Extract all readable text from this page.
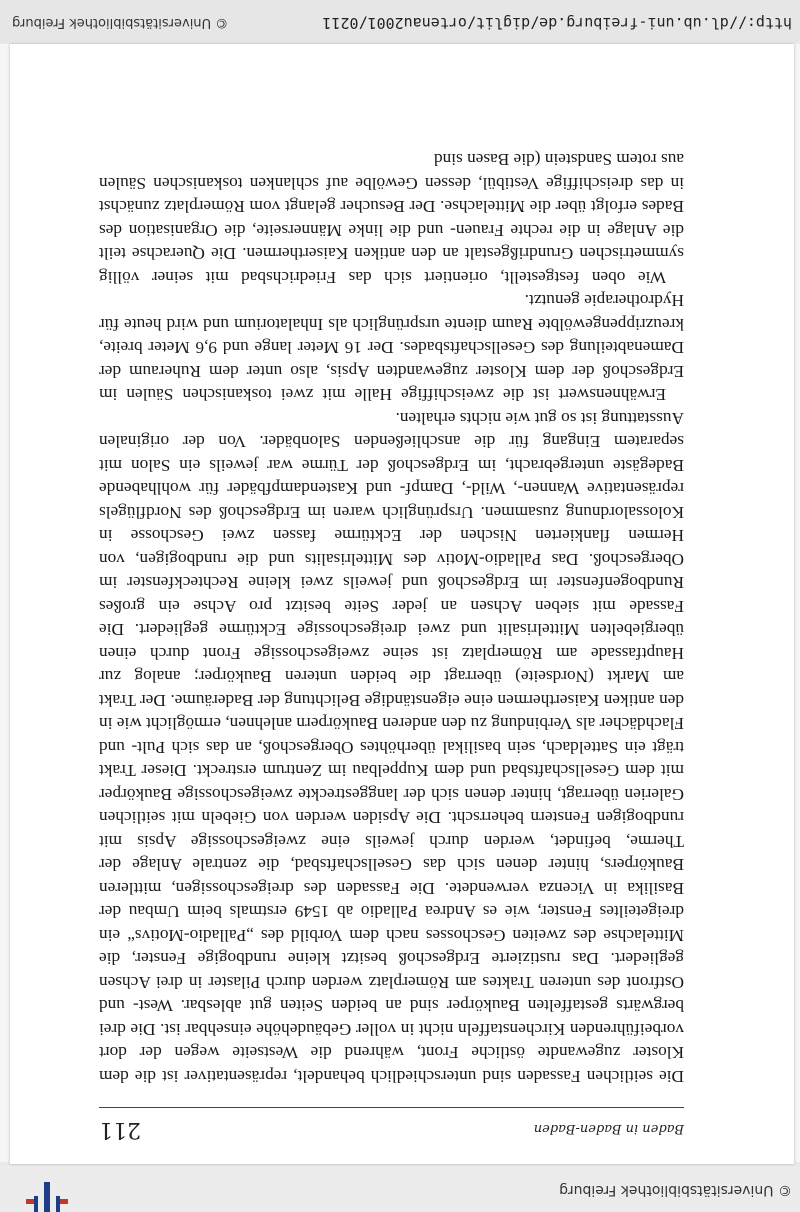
© Universitätsbibliothek Freiburg
Baden in Baden-Baden
211

Die seitlichen Fassaden sind unterschiedlich behandelt, repräsentativer ist die dem Kloster zugewandte östliche Front, während die Westseite wegen der dort vorbeiführenden Kirchenstaffeln nicht in voller Gebäudehöhe einsehbar ist. Die drei bergwärts gestaffelten Baukörper sind an beiden Seiten gut ablesbar. West- und Ostfront des unteren Traktes am Römerplatz werden durch Pilaster in drei Achsen gegliedert. Das rustizierte Erdgeschoß besitzt kleine rundbogige Fenster, die Mittelachse des zweiten Geschosses nach dem Vorbild des „Palladio-Motivs“ ein dreigeteiltes Fenster, wie es Andrea Palladio ab 1549 erstmals beim Umbau der Basilika in Vicenza verwendete. Die Fassaden des dreigeschossigen, mittleren Baukörpers, hinter denen sich das Gesellschaftsbad, die zentrale Anlage der Therme, befindet, werden durch jeweils eine zweigeschossige Apsis mit rundbogigen Fenstern beherrscht. Die Apsiden werden von Giebeln mit seitlichen Galerien überragt, hinter denen sich der langgestreckte zweigeschossige Baukörper mit dem Gesellschaftsbad und dem Kuppelbau im Zentrum erstreckt. Dieser Trakt trägt ein Satteldach, sein basilikal überhöhtes Obergeschoß, an das sich Pult- und Flachdächer als Verbindung zu den anderen Baukörpern anlehnen, ermöglicht wie in den antiken Kaiserthermen eine eigenständige Belichtung der Baderäume. Der Trakt am Markt (Nordseite) überragt die beiden unteren Baukörper; analog zur Hauptfassade am Römerplatz ist seine zweigeschossige Front durch einen übergiebelten Mittelrisalit und zwei dreigeschossige Ecktürme gegliedert. Die Fassade mit sieben Achsen an jeder Seite besitzt pro Achse ein großes Rundbogenfenster im Erdgeschoß und jeweils zwei kleine Rechteckfenster im Obergeschoß. Das Palladio-Motiv des Mittelrisalits und die rundbogigen, von Hermen flankierten Nischen der Ecktürme fassen zwei Geschosse in Kolossalordnung zusammen. Ursprünglich waren im Erdgeschoß des Nordflügels repräsentative Wannen-, Wild-, Dampf- und Kastendampfbäder für wohlhabende Badegäste untergebracht, im Erdgeschoß der Türme war jeweils ein Salon mit separatem Eingang für die anschließenden Salonbäder. Von der originalen Ausstattung ist so gut wie nichts erhalten.

Erwähnenswert ist die zweischiffige Halle mit zwei toskanischen Säulen im Erdgeschoß der dem Kloster zugewandten Apsis, also unter dem Ruheraum der Damenabteilung des Gesellschaftsbades. Der 16 Meter lange und 9,6 Meter breite, kreuzrippengewölbte Raum diente ursprünglich als Inhalatorium und wird heute für Hydrotherapie genutzt.

Wie oben festgestellt, orientiert sich das Friedrichsbad mit seiner völlig symmetrischen Grundrißgestalt an den antiken Kaiserthermen. Die Querachse teilt die Anlage in die rechte Frauen- und die linke Männerseite, die Organisation des Bades erfolgt über die Mittelachse. Der Besucher gelangt vom Römerplatz zunächst in das dreischiffige Vestibül, dessen Gewölbe auf schlanken toskanischen Säulen aus rotem Sandstein (die Basen sind

http://dl.ub.uni-freiburg.de/diglit/ortenau2001/0211
© Universitätsbibliothek Freiburg
